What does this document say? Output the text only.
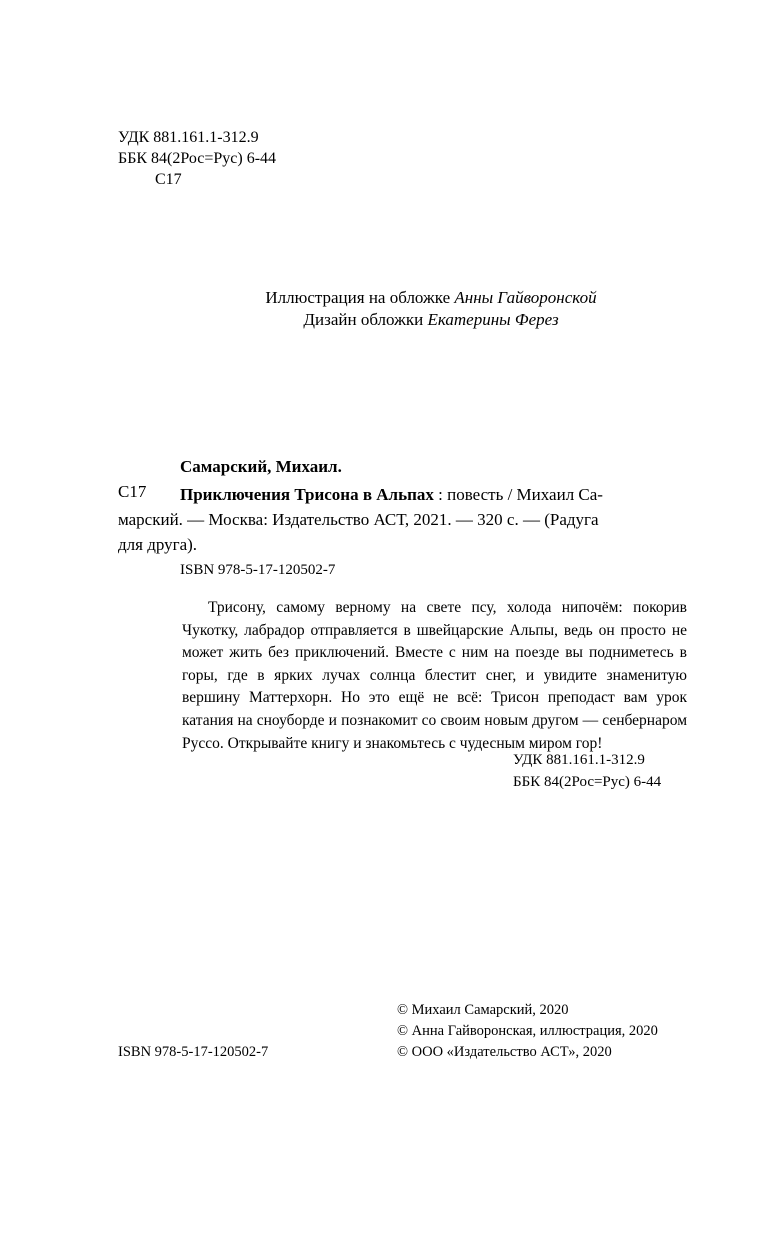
УДК 881.161.1-312.9
ББК 84(2Рос=Рус) 6-44
С17
Иллюстрация на обложке Анны Гайворонской
Дизайн обложки Екатерины Ферез
Самарский, Михаил.
С17 Приключения Трисона в Альпах : повесть / Михаил Са-
марский. — Москва: Издательство АСТ, 2021. — 320 с. — (Радуга
для друга).
ISBN 978-5-17-120502-7
Трисону, самому верному на свете псу, холода нипочём: покорив Чукотку, лабрадор отправляется в швейцарские Альпы, ведь он просто не может жить без приключений. Вместе с ним на поезде вы подниметесь в горы, где в ярких лучах солнца блестит снег, и увидите знаменитую вершину Маттерхорн. Но это ещё не всё: Трисон преподаст вам урок катания на сноуборде и познакомит со своим новым другом — сенбернаром Руссо. Открывайте книгу и знакомьтесь с чудесным миром гор!
УДК 881.161.1-312.9
ББК 84(2Рос=Рус) 6-44
ISBN 978-5-17-120502-7
© Михаил Самарский, 2020
© Анна Гайворонская, иллюстрация, 2020
© ООО «Издательство АСТ», 2020
